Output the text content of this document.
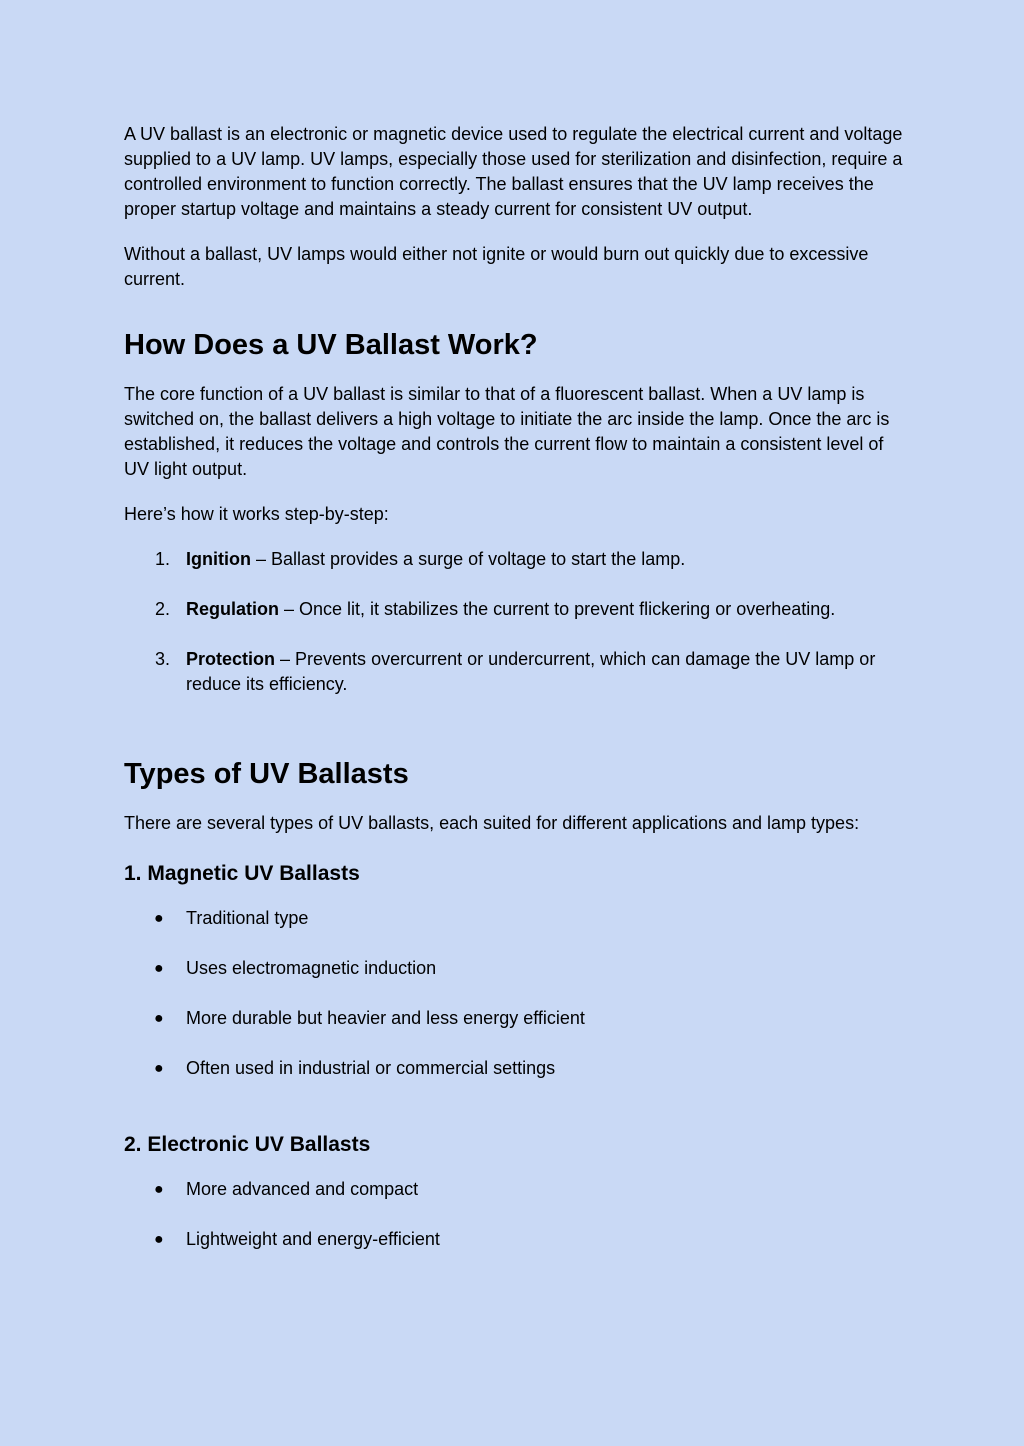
A UV ballast is an electronic or magnetic device used to regulate the electrical current and voltage supplied to a UV lamp. UV lamps, especially those used for sterilization and disinfection, require a controlled environment to function correctly. The ballast ensures that the UV lamp receives the proper startup voltage and maintains a steady current for consistent UV output.

Without a ballast, UV lamps would either not ignite or would burn out quickly due to excessive current.

How Does a UV Ballast Work?

The core function of a UV ballast is similar to that of a fluorescent ballast. When a UV lamp is switched on, the ballast delivers a high voltage to initiate the arc inside the lamp. Once the arc is established, it reduces the voltage and controls the current flow to maintain a consistent level of UV light output.

Here’s how it works step-by-step:

1. Ignition – Ballast provides a surge of voltage to start the lamp.
2. Regulation – Once lit, it stabilizes the current to prevent flickering or overheating.
3. Protection – Prevents overcurrent or undercurrent, which can damage the UV lamp or reduce its efficiency.
Types of UV Ballasts

There are several types of UV ballasts, each suited for different applications and lamp types:

1. Magnetic UV Ballasts
● Traditional type
● Uses electromagnetic induction
● More durable but heavier and less energy efficient
● Often used in industrial or commercial settings
2. Electronic UV Ballasts
● More advanced and compact
● Lightweight and energy-efficient
